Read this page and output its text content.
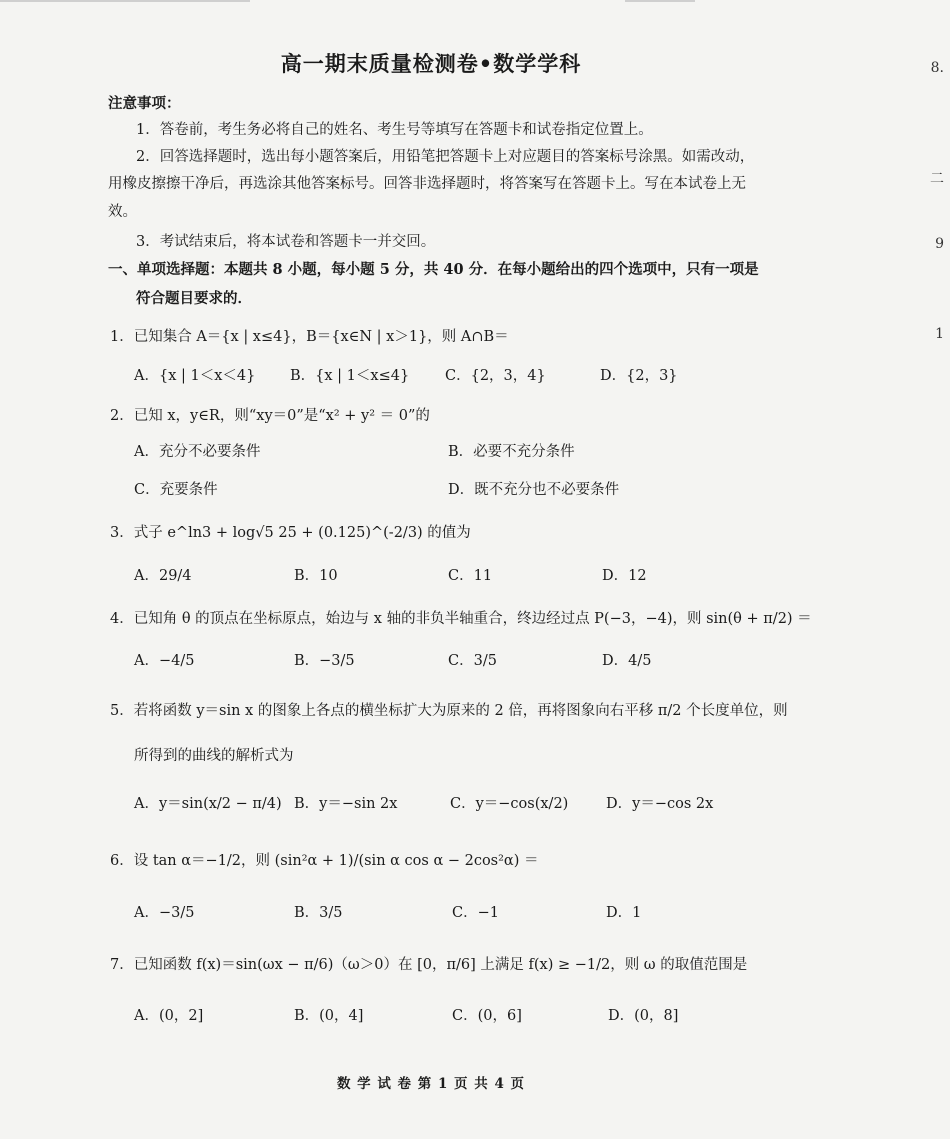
高一期末质量检测卷•数学学科
注意事项：
1．答卷前，考生务必将自己的姓名、考生号等填写在答题卡和试卷指定位置上。
2．回答选择题时，选出每小题答案后，用铅笔把答题卡上对应题目的答案标号涂黑。如需改动，
用橡皮擦擦干净后，再选涂其他答案标号。回答非选择题时，将答案写在答题卡上。写在本试卷上无
效。
3．考试结束后，将本试卷和答题卡一并交回。
一、单项选择题：本题共 8 小题，每小题 5 分，共 40 分．在每小题给出的四个选项中，只有一项是
符合题目要求的．
1．已知集合 A＝{x | x≤4}，B＝{x∈N | x＞1}，则 A∩B＝
A．{x | 1＜x＜4} B．{x | 1＜x≤4} C．{2，3，4}	D．{2，3}
2．已知 x，y∈R，则“xy＝0”是“x² + y² ＝ 0”的
A．充分不必要条件	B．必要不充分条件
C．充要条件	D．既不充分也不必要条件
3．式子 e^ln3 + log√5 25 + (0.125)^(-2/3) 的值为
A．29/4	B．10	C．11	D．12
4．已知角 θ 的顶点在坐标原点，始边与 x 轴的非负半轴重合，终边经过点 P(−3，−4)，则 sin(θ + π/2) ＝
A．−4/5	B．−3/5	C．3/5	D．4/5
5．若将函数 y＝sin x 的图象上各点的横坐标扩大为原来的 2 倍，再将图象向右平移 π/2 个长度单位，则
所得到的曲线的解析式为
A．y＝sin(x/2 − π/4) B．y＝−sin 2x	C．y＝−cos(x/2)	D．y＝−cos 2x
6．设 tan α＝−1/2，则 (sin²α + 1)/(sin α cos α − 2cos²α) ＝
A．−3/5	B．3/5	C．−1	D．1
7．已知函数 f(x)＝sin(ωx − π/6)（ω＞0）在 [0，π/6] 上满足 f(x) ≥ −1/2，则 ω 的取值范围是
A．(0，2]	B．(0，4]	C．(0，6]	D．(0，8]
数 学 试 卷 第 1 页 共 4 页
8.
二
9
1
